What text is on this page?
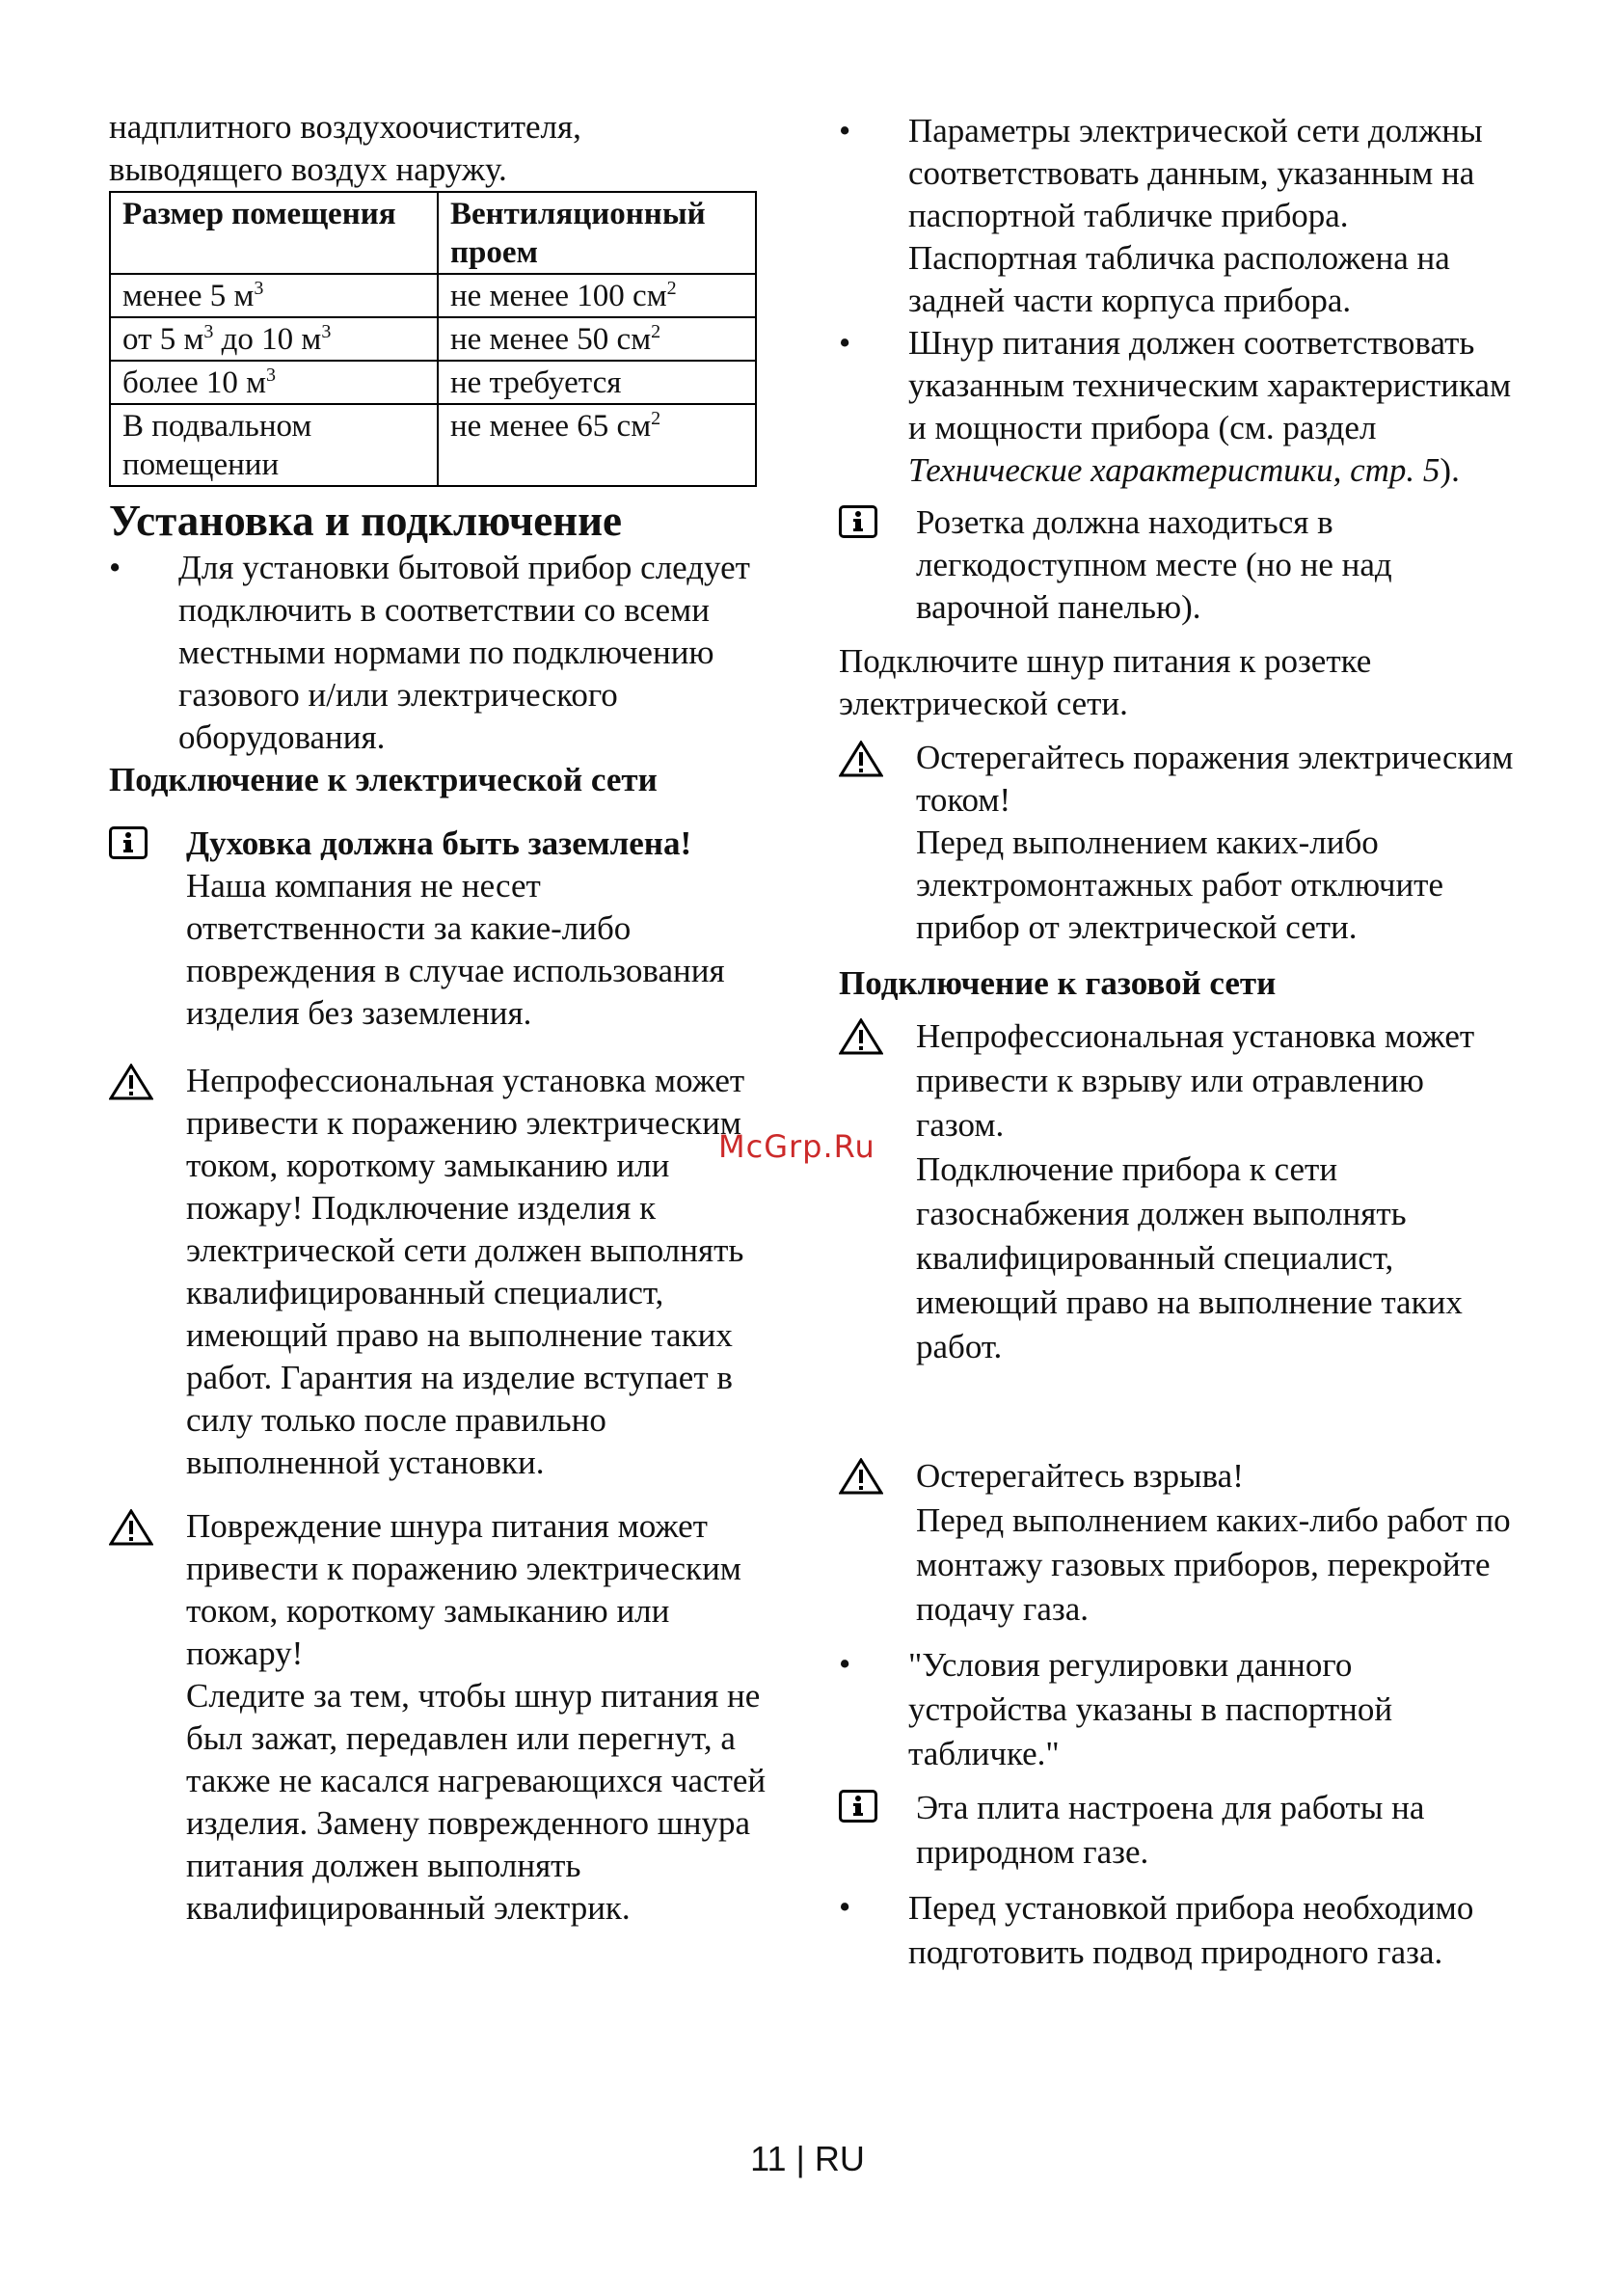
надплитного воздухоочистителя,
выводящего воздух наружу.
Размер помещения	Вентиляционный проем
менее 5 $м^3$	не менее 100 $см^2$
от 5 $м^3$ до 10 $м^3$	не менее 50 $см^2$
более 10 $м^3$	не требуется
В подвальном помещении	не менее 65 $см^2$
Установка и подключение
•	Для установки бытовой прибор следует подключить в соответствии со всеми местными нормами по подключению газового и/или электрического оборудования.
Подключение к электрической сети
Духовка должна быть заземлена!
Наша компания не несет ответственности за какие-либо повреждения в случае использования изделия без заземления.
Непрофессиональная установка может привести к поражению электрическим током, короткому замыканию или пожару! Подключение изделия к электрической сети должен выполнять квалифицированный специалист, имеющий право на выполнение таких работ. Гарантия на изделие вступает в силу только после правильно выполненной установки.
Повреждение шнура питания может привести к поражению электрическим током, короткому замыканию или пожару!
Следите за тем, чтобы шнур питания не был зажат, передавлен или перегнут, а также не касался нагревающихся частей изделия. Замену поврежденного шнура питания должен выполнять квалифицированный электрик.
•	Параметры электрической сети должны соответствовать данным, указанным на паспортной табличке прибора. Паспортная табличка расположена на задней части корпуса прибора.
•	Шнур питания должен соответствовать указанным техническим характеристикам и мощности прибора (см. раздел Технические характеристики, стр. 5).
Розетка должна находиться в легкодоступном месте (но не над варочной панелью).
Подключите шнур питания к розетке электрической сети.
Остерегайтесь поражения электрическим током!
Перед выполнением каких-либо электромонтажных работ отключите прибор от электрической сети.
Подключение к газовой сети
Непрофессиональная установка может привести к взрыву или отравлению газом.
Подключение прибора к сети газоснабжения должен выполнять квалифицированный специалист, имеющий право на выполнение таких работ.
Остерегайтесь взрыва!
Перед выполнением каких-либо работ по монтажу газовых приборов, перекройте подачу газа.
•	"Условия регулировки данного устройства указаны в паспортной табличке."
Эта плита настроена для работы на природном газе.
•	Перед установкой прибора необходимо подготовить подвод природного газа.
McGrp.Ru
11 | RU
